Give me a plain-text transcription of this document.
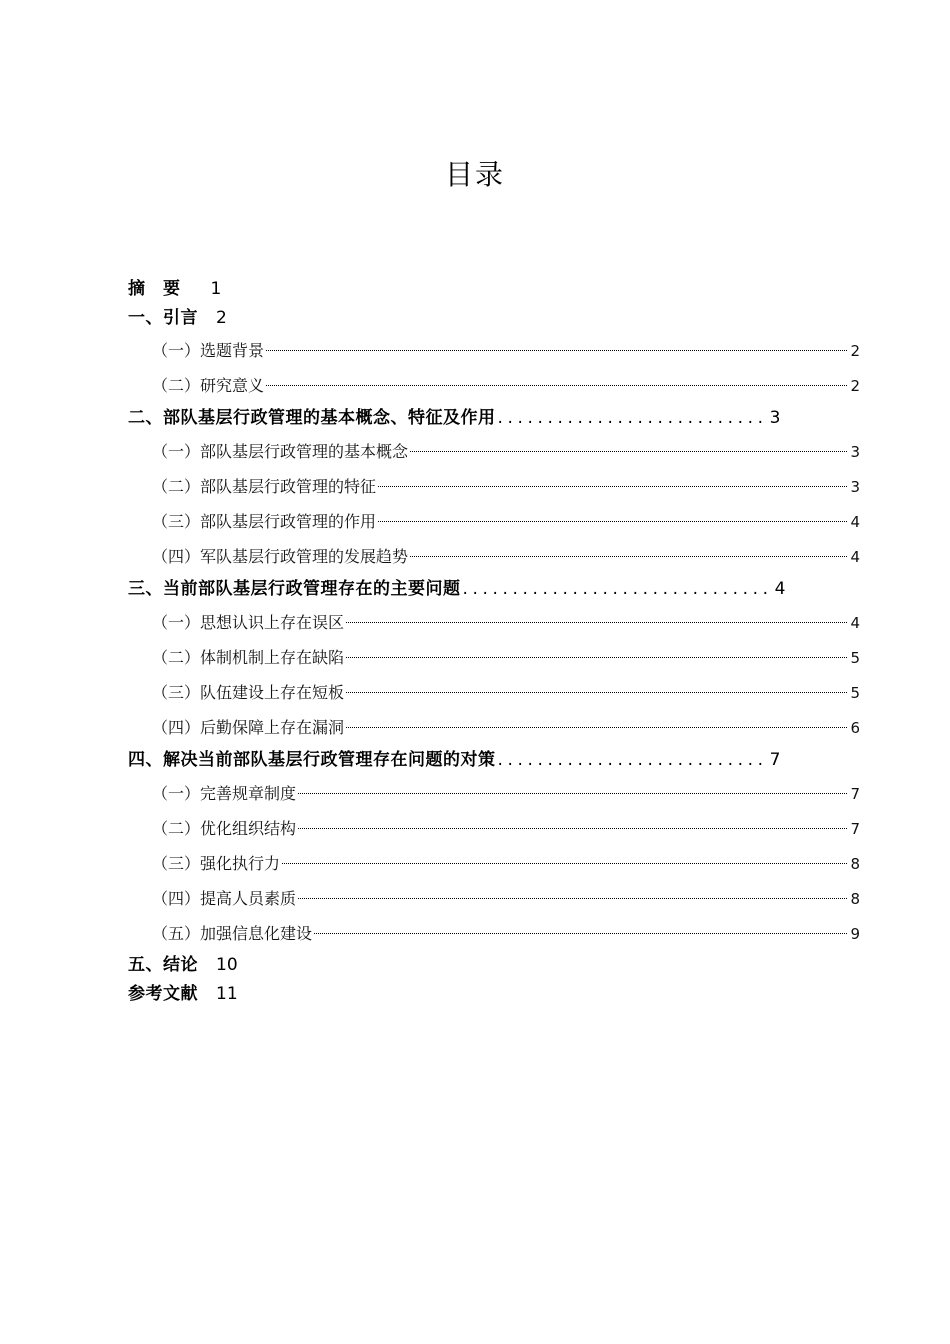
目录
摘　要 1
一、引言 2
（一）选题背景	2
（二）研究意义	2
二、部队基层行政管理的基本概念、特征及作用 ........................... 3
（一）部队基层行政管理的基本概念	3
（二）部队基层行政管理的特征	3
（三）部队基层行政管理的作用	4
（四）军队基层行政管理的发展趋势	4
三、当前部队基层行政管理存在的主要问题 ............................... 4
（一）思想认识上存在误区	4
（二）体制机制上存在缺陷	5
（三）队伍建设上存在短板	5
（四）后勤保障上存在漏洞	6
四、解决当前部队基层行政管理存在问题的对策 ........................... 7
（一）完善规章制度	7
（二）优化组织结构	7
（三）强化执行力	8
（四）提高人员素质	8
（五）加强信息化建设	9
五、结论 10
参考文献 11
